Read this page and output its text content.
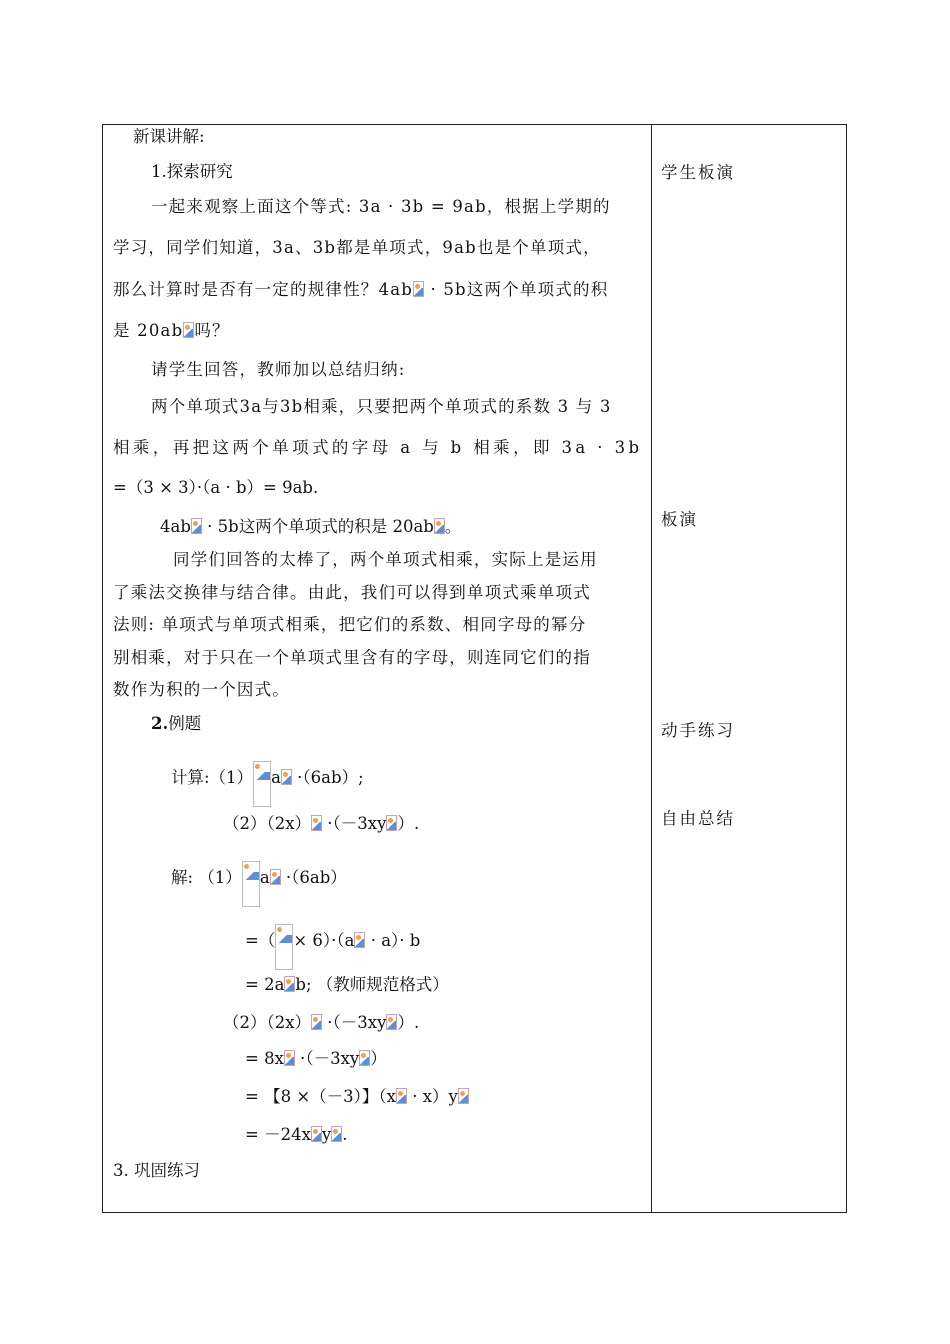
新课讲解:
1.探索研究
一起来观察上面这个等式: 3a · 3b = 9ab，根据上学期的
学习，同学们知道，3a、3b都是单项式，9ab也是个单项式，
那么计算时是否有一定的规律性？4ab · 5b这两个单项式的积
是 20ab 吗？
请学生回答，教师加以总结归纳:
两个单项式3a与3b相乘，只要把两个单项式的系数 3 与 3
相乘，再把这两个单项式的字母 a 与 b 相乘，即 3a · 3b
=（3 × 3）·（a · b）= 9ab.
4ab · 5b这两个单项式的积是 20ab 。
同学们回答的太棒了，两个单项式相乘，实际上是运用
了乘法交换律与结合律。由此，我们可以得到单项式乘单项式
法则: 单项式与单项式相乘，把它们的系数、相同字母的幂分
别相乘，对于只在一个单项式里含有的字母，则连同它们的指
数作为积的一个因式。
2.例题
计算:（1） a ·（6ab）;
（2）（2x） ·（－3xy ）.
解: （1） a ·（6ab）
=（ × 6）·（a · a）· b
= 2a b; （教师规范格式）
（2）（2x） ·（－3xy ）.
= 8x ·（－3xy ）
= 【8 ×（－3）】（x · x）y
= －24x y .
3. 巩固练习
学生板演
板演
动手练习
自由总结
